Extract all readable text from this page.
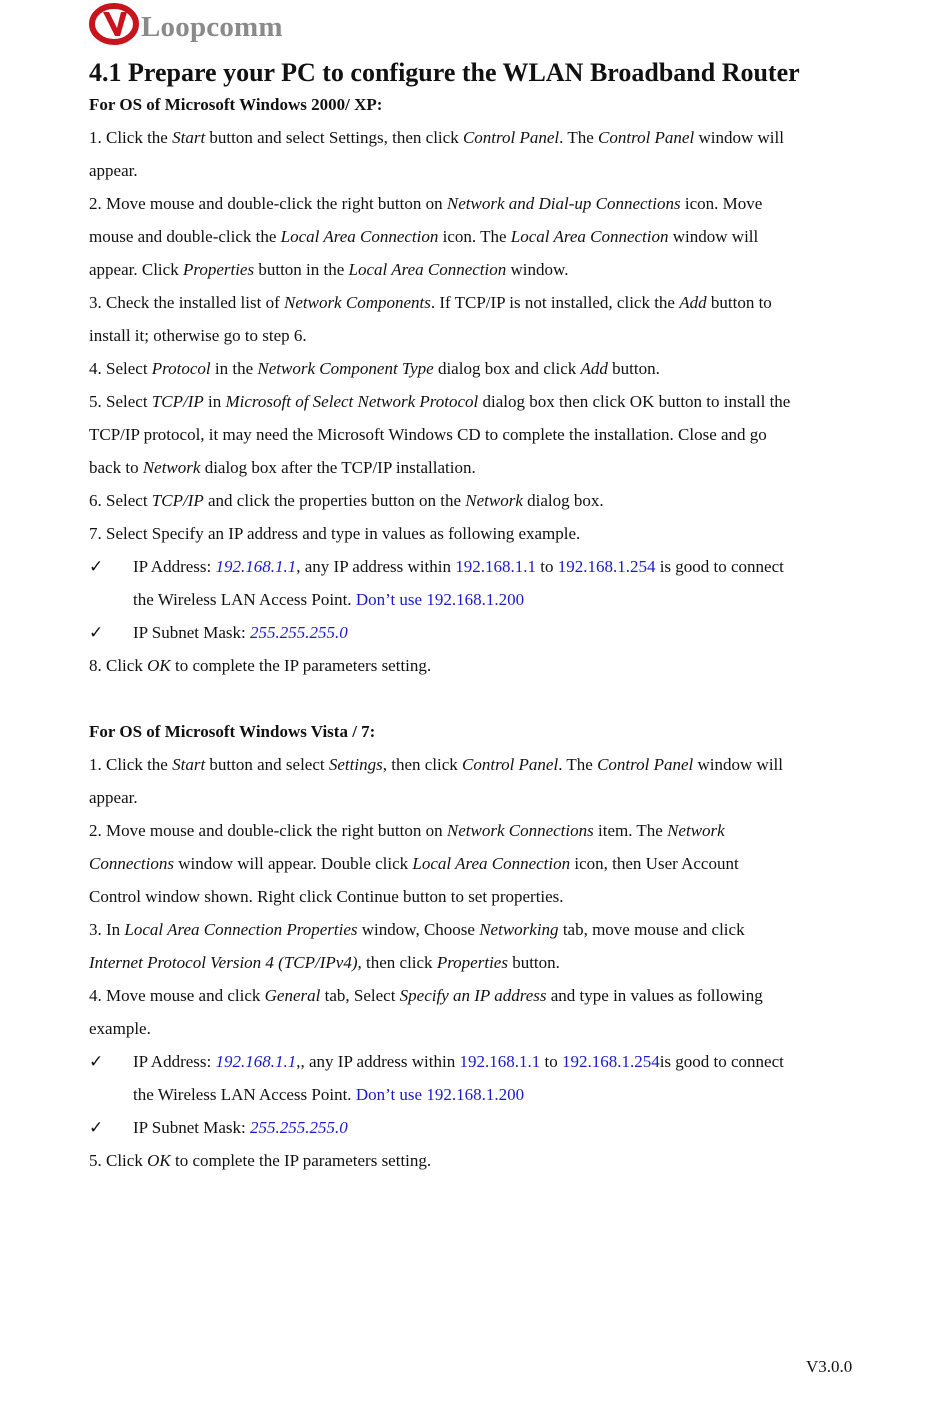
Loopcomm
4.1 Prepare your PC to configure the WLAN Broadband Router
For OS of Microsoft Windows 2000/ XP:
1. Click the Start button and select Settings, then click Control Panel. The Control Panel window will
appear.
2. Move mouse and double-click the right button on Network and Dial-up Connections icon. Move
mouse and double-click the Local Area Connection icon. The Local Area Connection window will
appear. Click Properties button in the Local Area Connection window.
3. Check the installed list of Network Components. If TCP/IP is not installed, click the Add button to
install it; otherwise go to step 6.
4. Select Protocol in the Network Component Type dialog box and click Add button.
5. Select TCP/IP in Microsoft of Select Network Protocol dialog box then click OK button to install the
TCP/IP protocol, it may need the Microsoft Windows CD to complete the installation. Close and go
back to Network dialog box after the TCP/IP installation.
6. Select TCP/IP and click the properties button on the Network dialog box.
7. Select Specify an IP address and type in values as following example.
✓	IP Address: 192.168.1.1, any IP address within 192.168.1.1 to 192.168.1.254 is good to connect
the Wireless LAN Access Point. Don’t use 192.168.1.200
✓	IP Subnet Mask: 255.255.255.0
8. Click OK to complete the IP parameters setting.
For OS of Microsoft Windows Vista / 7:
1. Click the Start button and select Settings, then click Control Panel. The Control Panel window will
appear.
2. Move mouse and double-click the right button on Network Connections item. The Network
Connections window will appear. Double click Local Area Connection icon, then User Account
Control window shown. Right click Continue button to set properties.
3. In Local Area Connection Properties window, Choose Networking tab, move mouse and click
Internet Protocol Version 4 (TCP/IPv4), then click Properties button.
4. Move mouse and click General tab, Select Specify an IP address and type in values as following
example.
✓	IP Address: 192.168.1.1,, any IP address within 192.168.1.1 to 192.168.1.254is good to connect
the Wireless LAN Access Point. Don’t use 192.168.1.200
✓	IP Subnet Mask: 255.255.255.0
5. Click OK to complete the IP parameters setting.
V3.0.0
